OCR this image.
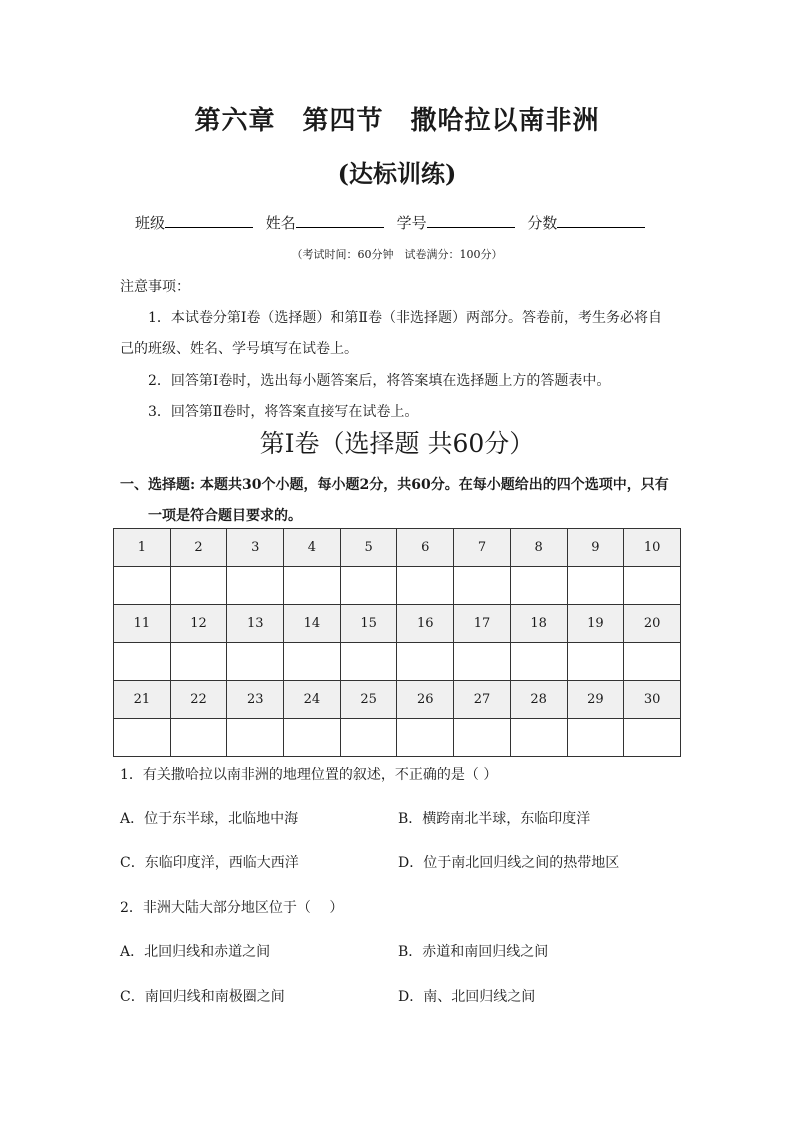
第六章　第四节　撒哈拉以南非洲
(达标训练)
班级	姓名	学号	分数
（考试时间：60分钟　试卷满分：100分）
注意事项：
1．本试卷分第Ⅰ卷（选择题）和第Ⅱ卷（非选择题）两部分。答卷前，考生务必将自
己的班级、姓名、学号填写在试卷上。
2．回答第Ⅰ卷时，选出每小题答案后，将答案填在选择题上方的答题表中。
3．回答第Ⅱ卷时，将答案直接写在试卷上。
第Ⅰ卷（选择题 共60分）
一、选择题: 本题共30个小题，每小题2分，共60分。在每小题给出的四个选项中，只有
一项是符合题目要求的。
1	2	3	4	5	6	7	8	9	10

11	12	13	14	15	16	17	18	19	20

21	22	23	24	25	26	27	28	29	30

1．有关撒哈拉以南非洲的地理位置的叙述，不正确的是（ ）
A．位于东半球，北临地中海	B．横跨南北半球，东临印度洋
C．东临印度洋，西临大西洋	D．位于南北回归线之间的热带地区
2．非洲大陆大部分地区位于（　 ）
A．北回归线和赤道之间	B．赤道和南回归线之间
C．南回归线和南极圈之间	D．南、北回归线之间
